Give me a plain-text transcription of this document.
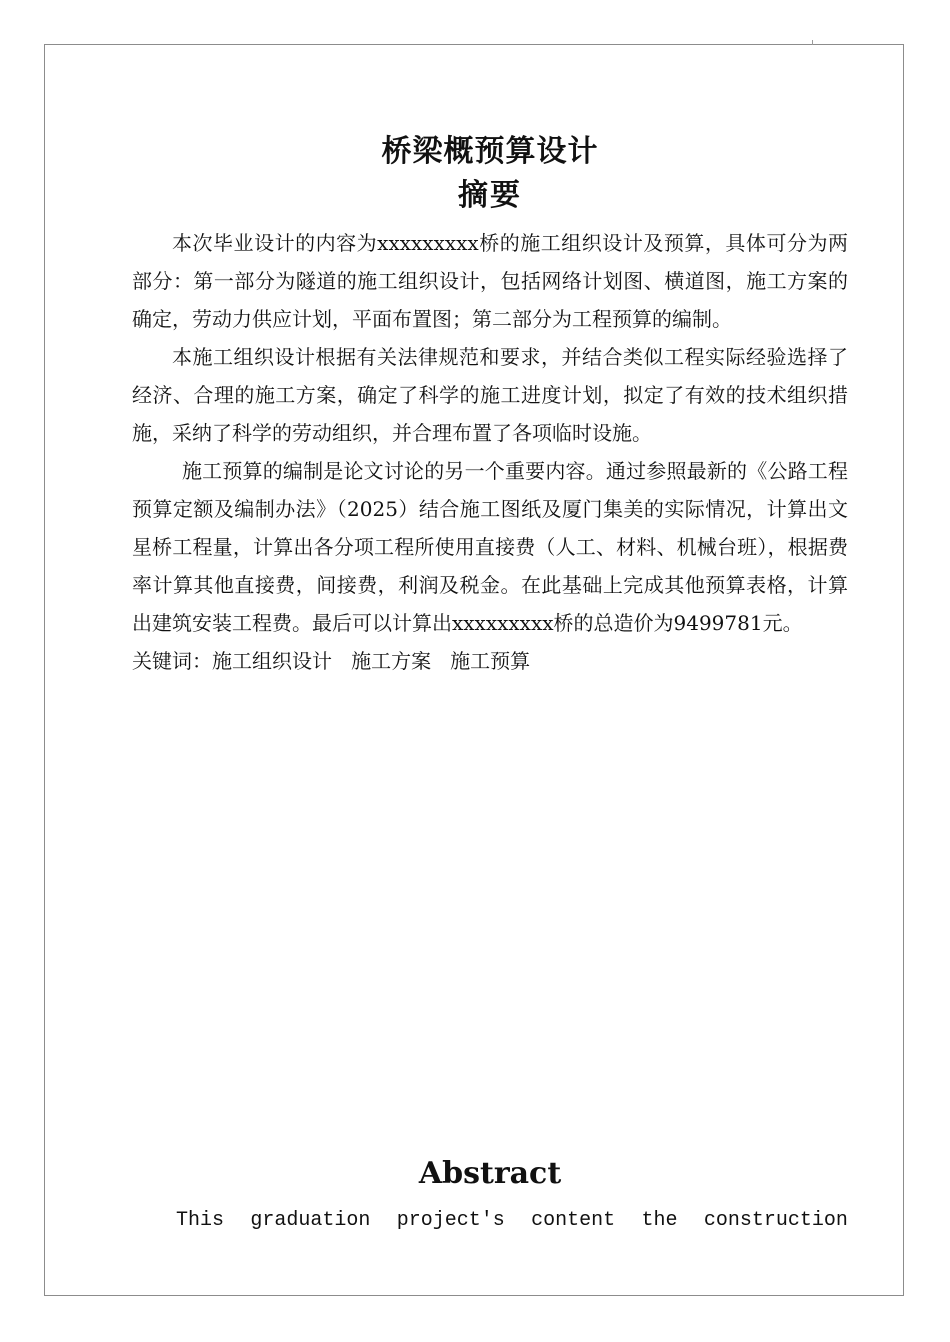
桥梁概预算设计
摘要

本次毕业设计的内容为xxxxxxxxx桥的施工组织设计及预算，具体可分为两部分：第一部分为隧道的施工组织设计，包括网络计划图、横道图，施工方案的确定，劳动力供应计划，平面布置图；第二部分为工程预算的编制。

本施工组织设计根据有关法律规范和要求，并结合类似工程实际经验选择了经济、合理的施工方案，确定了科学的施工进度计划，拟定了有效的技术组织措施，采纳了科学的劳动组织，并合理布置了各项临时设施。

施工预算的编制是论文讨论的另一个重要内容。通过参照最新的《公路工程预算定额及编制办法》（2025）结合施工图纸及厦门集美的实际情况，计算出文星桥工程量，计算出各分项工程所使用直接费（人工、材料、机械台班），根据费率计算其他直接费，间接费，利润及税金。在此基础上完成其他预算表格，计算出建筑安装工程费。最后可以计算出xxxxxxxxx桥的总造价为9499781元。

关键词：施工组织设计   施工方案   施工预算

Abstract

This graduation project's content the construction
